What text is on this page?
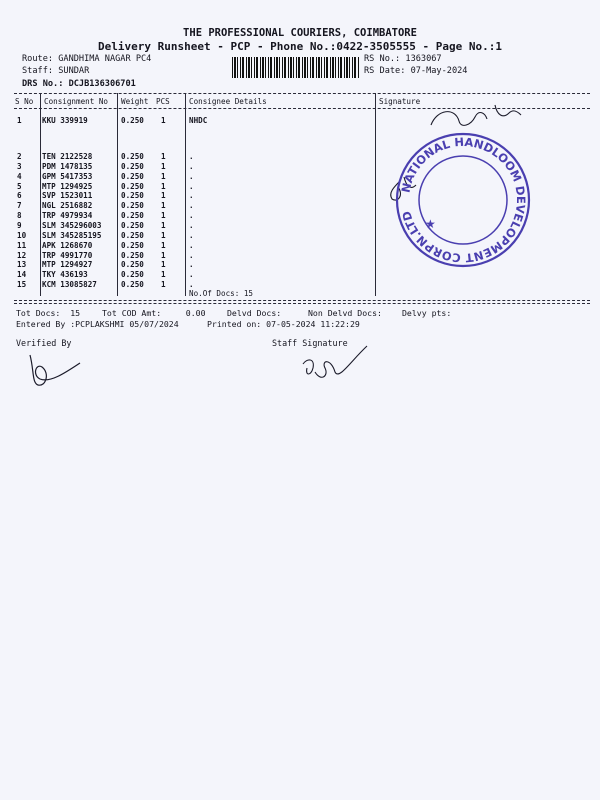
THE PROFESSIONAL COURIERS, COIMBATORE
Delivery Runsheet - PCP - Phone No.:0422-3505555 - Page No.:1
Route: GANDHIMA NAGAR PC4
Staff: SUNDAR
DRS No.: DCJB136306701
RS No.: 1363067
RS Date: 07-May-2024
S No Consignment No Weight PCS	Consignee Details	Signature
1	KKU 339919	0.250 1	NHDC
2	TEN 2122528	0.250 1	.
3	PDM 1478135	0.250 1	.
4	GPM 5417353	0.250 1	.
5	MTP 1294925	0.250 1	.
6	SVP 1523011	0.250 1	.
7	NGL 2516882	0.250 1	.
8	TRP 4979934	0.250 1	.
9	SLM 345296003	0.250 1	.
10 SLM 345285195	0.250 1	.
11 APK 1268670	0.250 1	.
12 TRP 4991770	0.250 1	.
13 MTP 1294927	0.250 1	.
14 TKY 436193	0.250 1	.
15 KCM 13085827	0.250 1	.
No.Of Docs: 15
Tot Docs:  15	Tot COD Amt:     0.00	Delvd Docs:	Non Delvd Docs: Delvy pts:
Entered By :PCPLAKSHMI 05/07/2024	Printed on: 07-05-2024 11:22:29
Verified By	Staff Signature
NATIONAL HANDLOOM DEVELOPMENT CORPN.LTD
★
